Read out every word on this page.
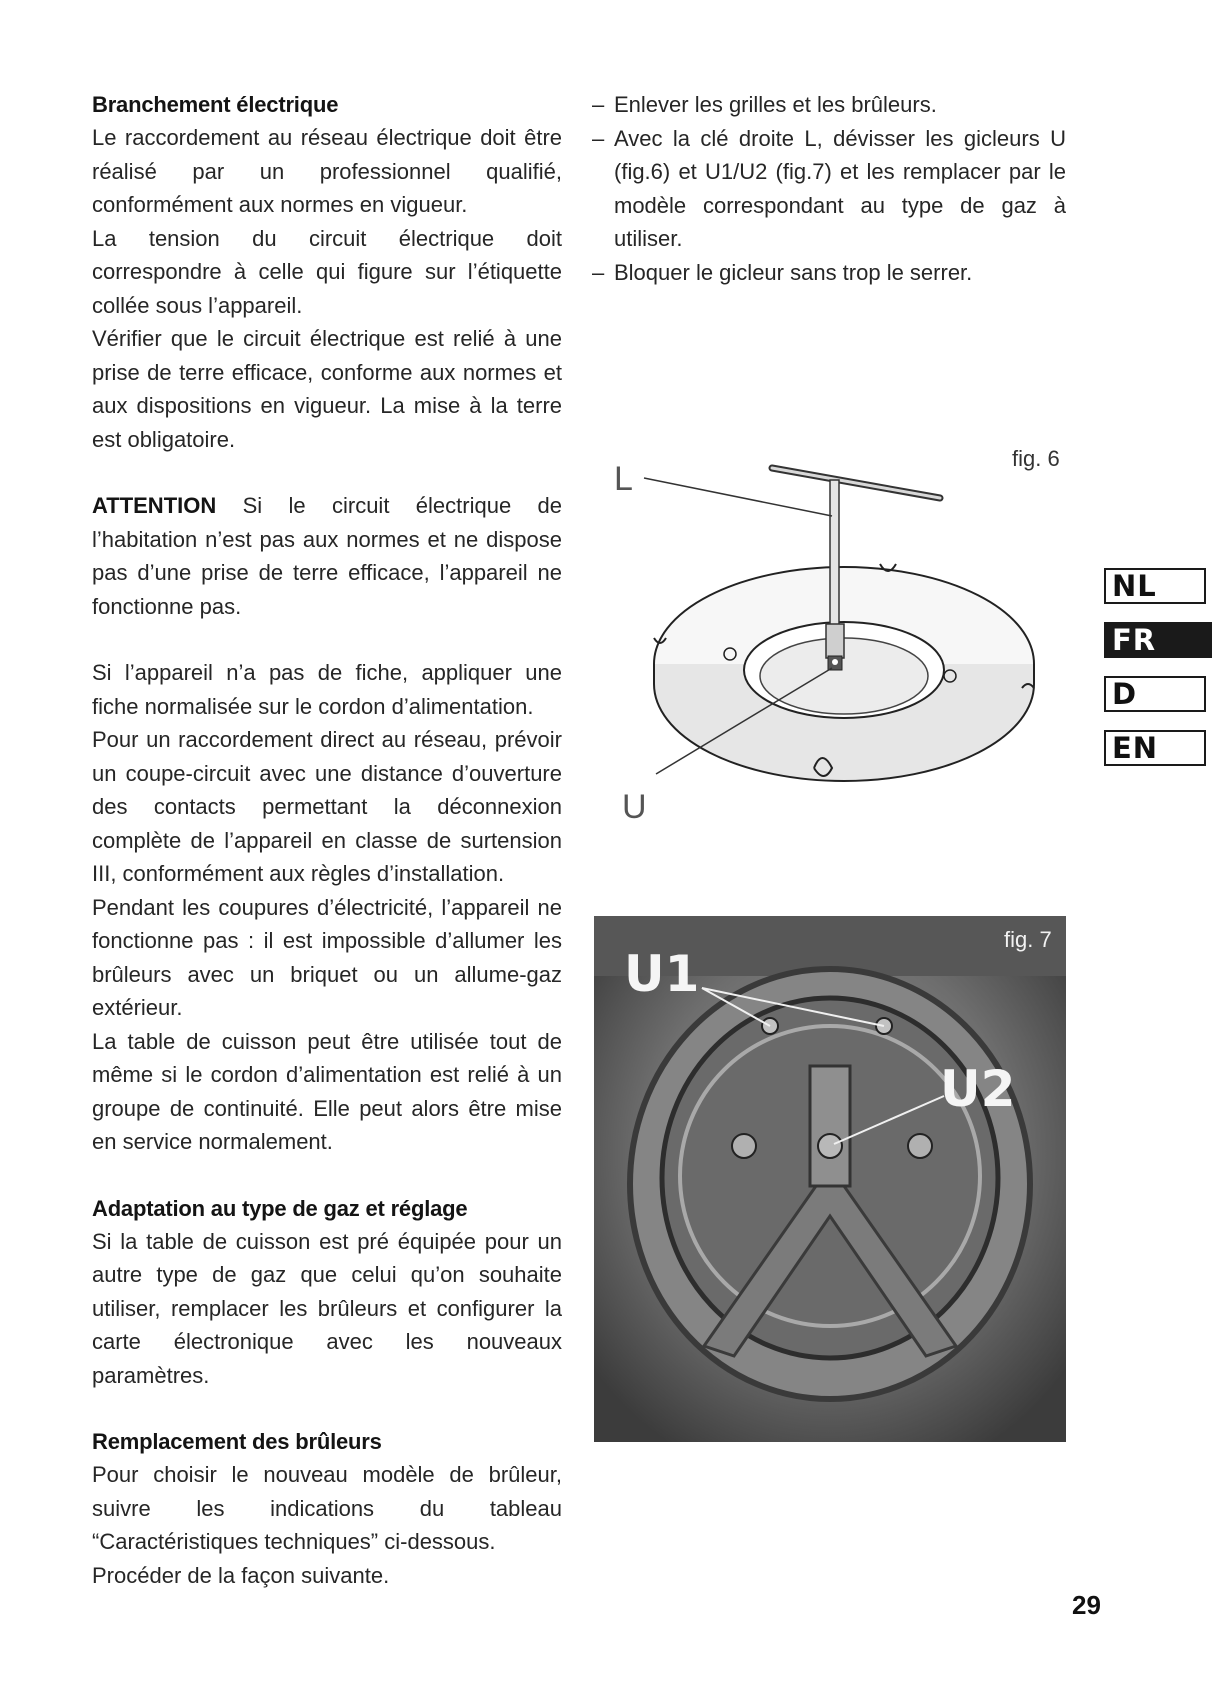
Branchement électrique

Le raccordement au réseau électrique doit être réalisé par un professionnel qualifié, conformément aux normes en vigueur.

La tension du circuit électrique doit correspondre à celle qui figure sur l’étiquette collée sous l’appareil.

Vérifier que le circuit électrique est relié à une prise de terre efficace, conforme aux normes et aux dispositions en vigueur. La mise à la terre est obligatoire.

ATTENTION Si le circuit électrique de l’habitation n’est pas aux normes et ne dispose pas d’une prise de terre efficace, l’appareil ne fonctionne pas.

Si l’appareil n’a pas de fiche, appliquer une fiche normalisée sur le cordon d’alimentation.

Pour un raccordement direct au réseau, prévoir un coupe-circuit avec une distance d’ouverture des contacts permettant la déconnexion complète de l’appareil en classe de surtension III, conformément aux règles d’installation.

Pendant les coupures d’électricité, l’appareil ne fonctionne pas : il est impossible d’allumer les brûleurs avec un briquet ou un allume-gaz extérieur.

La table de cuisson peut être utilisée tout de même si le cordon d’alimentation est relié à un groupe de continuité. Elle peut alors être mise en service normalement.

Adaptation au type de gaz et réglage

Si la table de cuisson est pré équipée pour un autre type de gaz que celui qu’on souhaite utiliser, remplacer les brûleurs et configurer la carte électronique avec les nouveaux paramètres.

Remplacement des brûleurs

Pour choisir le nouveau modèle de brûleur, suivre les indications du tableau “Caractéristiques techniques” ci-dessous.

Procéder de la façon suivante.

– Enlever les grilles et les brûleurs.
– Avec la clé droite L, dévisser les gicleurs U (fig.6) et U1/U2 (fig.7) et les remplacer par le modèle correspondant au type de gaz à utiliser.
– Bloquer le gicleur sans trop le serrer.
fig. 6
L
U
U1
U2
fig. 7
NL
FR
D
EN
29
